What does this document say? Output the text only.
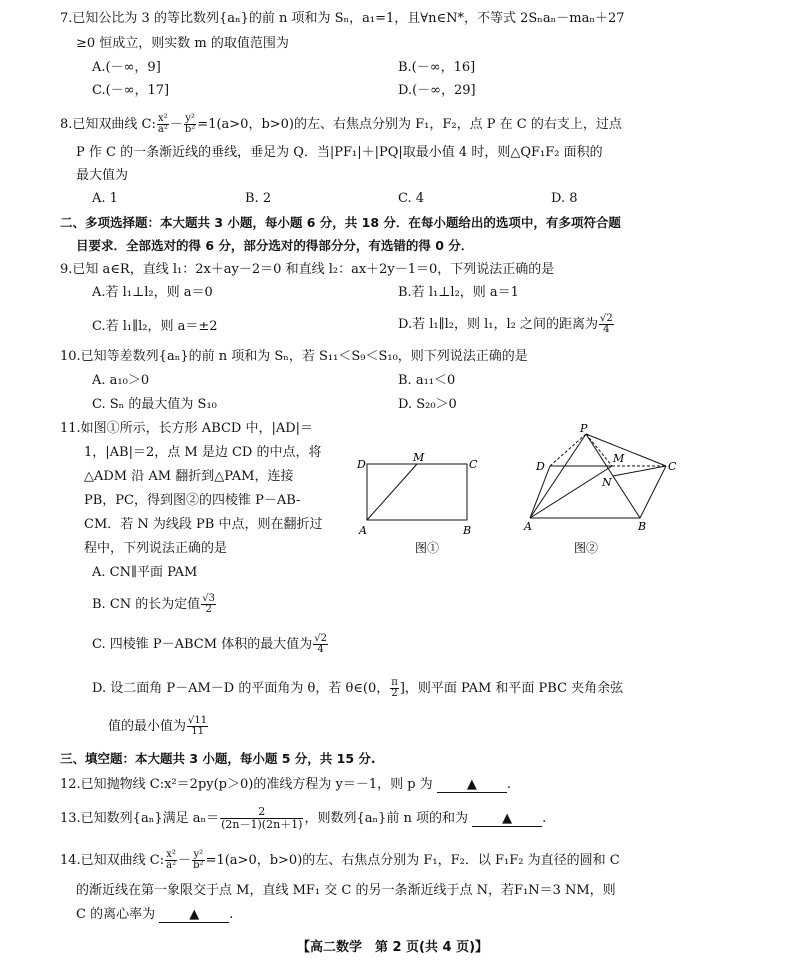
7.已知公比为 3 的等比数列{aₙ}的前 n 项和为 Sₙ，a₁=1，且∀n∈N*，不等式 2Sₙaₙ－maₙ＋27
≥0 恒成立，则实数 m 的取值范围为
A.(－∞，9]	B.(－∞，16]
C.(－∞，17]	D.(－∞，29]
8.已知双曲线 C: $\frac{\text{x²}}{\text{a²}} - \frac{\text{y²}}{\text{b²}} =1(a>0$，b>0)的左、右焦点分别为 F₁，F₂，点 P 在 C 的右支上，过点
P 作 C 的一条渐近线的垂线，垂足为 Q．当|PF₁|＋|PQ|取最小值 4 时，则△QF₁F₂ 面积的
最大值为
A. 1	B. 2	C. 4	D. 8
二、多项选择题：本大题共 3 小题，每小题 6 分，共 18 分．在每小题给出的选项中，有多项符合题
目要求．全部选对的得 6 分，部分选对的得部分分，有选错的得 0 分．
9.已知 a∈R，直线 l₁：2x＋ay－2＝0 和直线 l₂：ax＋2y－1＝0，下列说法正确的是
A.若 l₁⊥l₂，则 a＝0	B.若 l₁⊥l₂，则 a＝1
C.若 l₁∥l₂，则 a＝±2	D.若 l₁∥l₂，则 l₁，l₂ 之间的距离为 $\frac{√2}{4}$
10.已知等差数列{aₙ}的前 n 项和为 Sₙ，若 S₁₁＜S₉＜S₁₀，则下列说法正确的是
A. a₁₀＞0	B. a₁₁＜0
C. Sₙ 的最大值为 S₁₀	D. S₂₀＞0
11.如图①所示，长方形 ABCD 中，|AD|＝
1，|AB|＝2，点 M 是边 CD 的中点，将
△ADM 沿 AM 翻折到△PAM，连接
PB，PC，得到图②的四棱锥 P－AB-
CM．若 N 为线段 PB 中点，则在翻折过
程中，下列说法正确的是
D
M
C
A	B
图①
P
D
M
C
N
A	B
图②
A. CN∥平面 PAM
B. CN 的长为定值 $\frac{√3}{2}$
C. 四棱锥 P－ABCM 体积的最大值为 $\frac{√2}{4}$
D. 设二面角 P－AM－D 的平面角为 θ，若 θ∈(0， $\frac{\pi}{2}$ ]，则平面 PAM 和平面 PBC 夹角余弦
值的最小值为 $\frac{√11}{11}$
三、填空题：本大题共 3 小题，每小题 5 分，共 15 分.
12.已知抛物线 C:x²＝2py(p＞0)的准线方程为 y＝－1，则 p 为	▲ .
13.已知数列{aₙ}满足 $a_n= \frac{2}{(2n-1)(2n+1)}$ ，则数列{aₙ}前 n 项的和为	▲ .
14.已知双曲线 C: $\frac{\text{x²}}{\text{a²}} - \frac{\text{y²}}{\text{b²}} =1(a>0$，b>0)的左、右焦点分别为 F₁，F₂．以 F₁F₂ 为直径的圆和 C
的渐近线在第一象限交于点 M，直线 MF₁ 交 C 的另一条渐近线于点 N，若F₁N＝3 NM，则
C 的离心率为	▲ .
【高二数学　第 2 页(共 4 页)】
